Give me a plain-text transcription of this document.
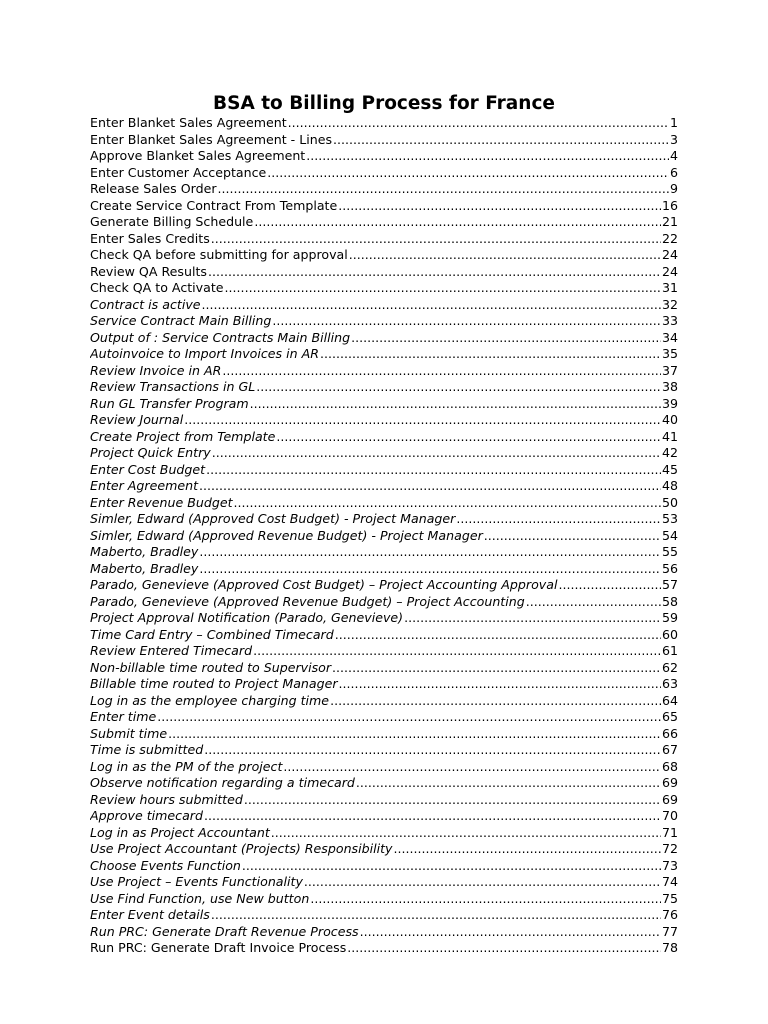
BSA to Billing Process for France
Enter Blanket Sales Agreement .....	1
Enter Blanket Sales Agreement - Lines .....	3
Approve Blanket Sales Agreement .....	4
Enter Customer Acceptance .....	6
Release Sales Order .....	9
Create Service Contract From Template .....	16
Generate Billing Schedule .....	21
Enter Sales Credits .....	22
Check QA before submitting for approval .....	24
Review QA Results .....	24
Check QA to Activate .....	31
Contract is active .....	32
Service Contract Main Billing .....	33
Output of : Service Contracts Main Billing .....	34
Autoinvoice to Import Invoices in AR .....	35
Review Invoice in AR .....	37
Review Transactions in GL .....	38
Run GL Transfer Program .....	39
Review Journal .....	40
Create Project from Template .....	41
Project Quick Entry .....	42
Enter Cost Budget .....	45
Enter Agreement .....	48
Enter Revenue Budget .....	50
Simler, Edward (Approved Cost Budget) - Project Manager .....	53
Simler, Edward (Approved Revenue Budget) - Project Manager .....	54
Maberto, Bradley .....	55
Maberto, Bradley .....	56
Parado, Genevieve (Approved Cost Budget) – Project Accounting Approval .....	57
Parado, Genevieve (Approved Revenue Budget) – Project Accounting .....	58
Project Approval Notification (Parado, Genevieve) .....	59
Time Card Entry – Combined Timecard .....	60
Review Entered Timecard .....	61
Non-billable time routed to Supervisor .....	62
Billable time routed to Project Manager .....	63
Log in as the employee charging time .....	64
Enter time .....	65
Submit time .....	66
Time is submitted .....	67
Log in as the PM of the project .....	68
Observe notification regarding a timecard .....	69
Review hours submitted .....	69
Approve timecard .....	70
Log in as Project Accountant .....	71
Use Project Accountant (Projects) Responsibility .....	72
Choose Events Function .....	73
Use Project – Events Functionality .....	74
Use Find Function, use New button .....	75
Enter Event details .....	76
Run PRC: Generate Draft Revenue Process .....	77
Run PRC: Generate Draft Invoice Process .....	78
